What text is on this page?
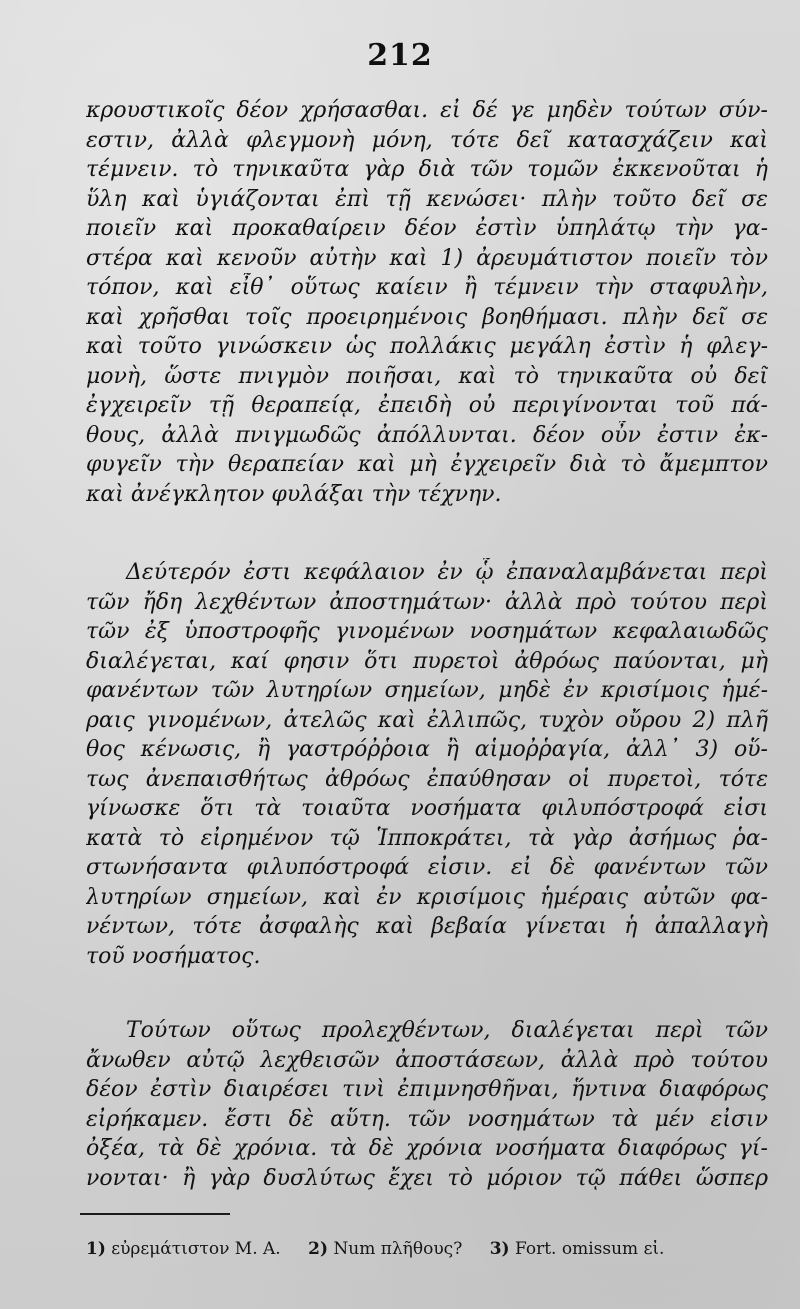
212
κρουστικοῖς δέον χρήσασθαι. εἰ δέ γε μηδὲν τούτων σύν-
εστιν, ἀλλὰ φλεγμονὴ μόνη, τότε δεῖ κατασχάζειν καὶ
τέμνειν. τὸ τηνικαῦτα γὰρ διὰ τῶν τομῶν ἐκκενοῦται ἡ
ὕλη καὶ ὑγιάζονται ἐπὶ τῇ κενώσει· πλὴν τοῦτο δεῖ σε
ποιεῖν καὶ προκαθαίρειν δέον ἐστὶν ὑπηλάτῳ τὴν γα-
στέρα καὶ κενοῦν αὐτὴν καὶ 1) ἀρευμάτιστον ποιεῖν τὸν
τόπον, καὶ εἶθ᾽ οὕτως καίειν ἢ τέμνειν τὴν σταφυλὴν,
καὶ χρῆσθαι τοῖς προειρημένοις βοηθήμασι. πλὴν δεῖ σε
καὶ τοῦτο γινώσκειν ὡς πολλάκις μεγάλη ἐστὶν ἡ φλεγ-
μονὴ, ὥστε πνιγμὸν ποιῆσαι, καὶ τὸ τηνικαῦτα οὐ δεῖ
ἐγχειρεῖν τῇ θεραπείᾳ, ἐπειδὴ οὐ περιγίνονται τοῦ πά-
θους, ἀλλὰ πνιγμωδῶς ἀπόλλυνται. δέον οὖν ἐστιν ἐκ-
φυγεῖν τὴν θεραπείαν καὶ μὴ ἐγχειρεῖν διὰ τὸ ἄμεμπτον
καὶ ἀνέγκλητον φυλάξαι τὴν τέχνην.
Δεύτερόν ἐστι κεφάλαιον ἐν ᾧ ἐπαναλαμβάνεται περὶ
τῶν ἤδη λεχθέντων ἀποστημάτων· ἀλλὰ πρὸ τούτου περὶ
τῶν ἐξ ὑποστροφῆς γινομένων νοσημάτων κεφαλαιωδῶς
διαλέγεται, καί φησιν ὅτι πυρετοὶ ἀθρόως παύονται, μὴ
φανέντων τῶν λυτηρίων σημείων, μηδὲ ἐν κρισίμοις ἡμέ-
ραις γινομένων, ἀτελῶς καὶ ἐλλιπῶς, τυχὸν οὔρου 2) πλῆ
θος κένωσις, ἢ γαστρόῤῥοια ἢ αἱμοῤῥαγία, ἀλλ᾽ 3) οὕ-
τως ἀνεπαισθήτως ἀθρόως ἐπαύθησαν οἱ πυρετοὶ, τότε
γίνωσκε ὅτι τὰ τοιαῦτα νοσήματα φιλυπόστροφά εἰσι
κατὰ τὸ εἰρημένον τῷ Ἱπποκράτει, τὰ γὰρ ἀσήμως ῥα-
στωνήσαντα φιλυπόστροφά εἰσιν. εἰ δὲ φανέντων τῶν
λυτηρίων σημείων, καὶ ἐν κρισίμοις ἡμέραις αὐτῶν φα-
νέντων, τότε ἀσφαλὴς καὶ βεβαία γίνεται ἡ ἀπαλλαγὴ
τοῦ νοσήματος.
Τούτων οὕτως προλεχθέντων, διαλέγεται περὶ τῶν
ἄνωθεν αὐτῷ λεχθεισῶν ἀποστάσεων, ἀλλὰ πρὸ τούτου
δέον ἐστὶν διαιρέσει τινὶ ἐπιμνησθῆναι, ἥντινα διαφόρως
εἰρήκαμεν. ἔστι δὲ αὕτη. τῶν νοσημάτων τὰ μέν εἰσιν
ὀξέα, τὰ δὲ χρόνια. τὰ δὲ χρόνια νοσήματα διαφόρως γί-
νονται· ἢ γὰρ δυσλύτως ἔχει τὸ μόριον τῷ πάθει ὥσπερ
1) εὐρεμάτιστον M. A. 2) Num πλῆθους? 3) Fort. omissum εἰ.
